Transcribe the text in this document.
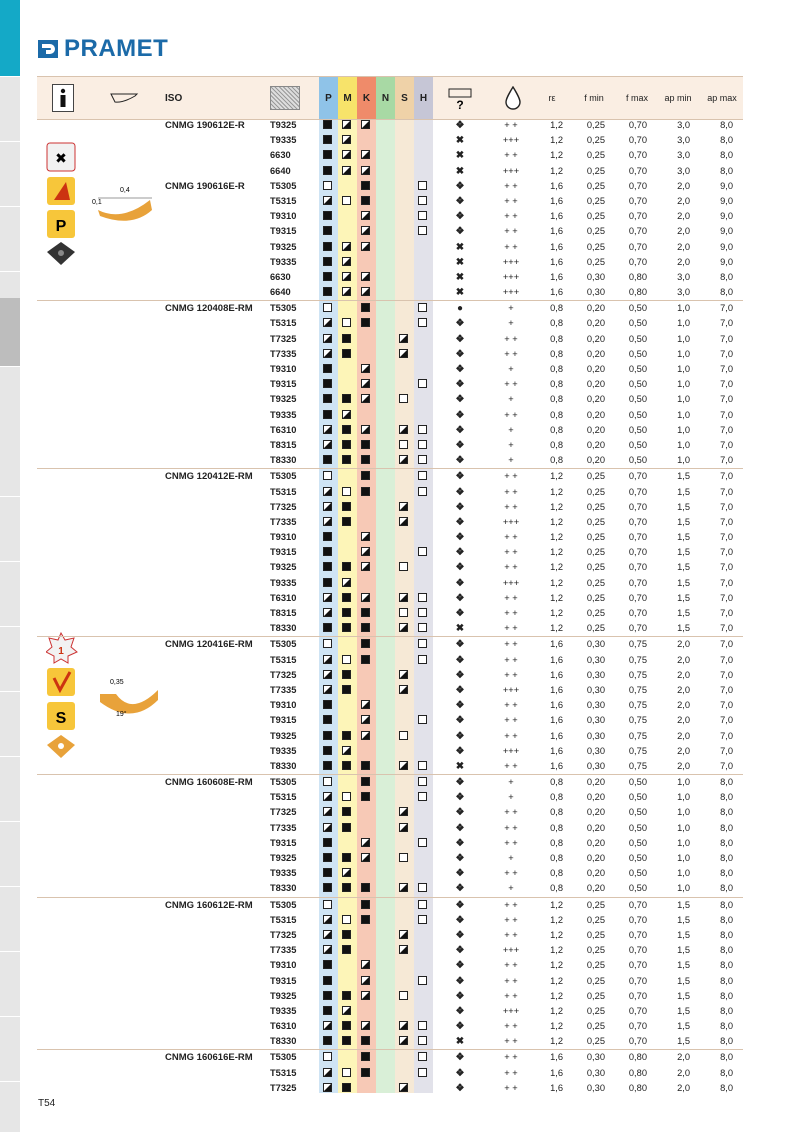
PRAMET
ISO	P	M	K	N	S	H	?	rε	f min	f max	ap min	ap max
✖
P
0,1
0,4
1
S
0,35
19°
CNMG 190612E-R	T9325	❖	+ +	1,2	0,25	0,70	3,0	8,0
T9335	✖	+++	1,2	0,25	0,70	3,0	8,0
6630	✖	+ +	1,2	0,25	0,70	3,0	8,0
6640	✖	+++	1,2	0,25	0,70	3,0	8,0
CNMG 190616E-R	T5305	❖	+ +	1,6	0,25	0,70	2,0	9,0
T5315	❖	+ +	1,6	0,25	0,70	2,0	9,0
T9310	❖	+ +	1,6	0,25	0,70	2,0	9,0
T9315	❖	+ +	1,6	0,25	0,70	2,0	9,0
T9325	✖	+ +	1,6	0,25	0,70	2,0	9,0
T9335	✖	+++	1,6	0,25	0,70	2,0	9,0
6630	✖	+++	1,6	0,30	0,80	3,0	8,0
6640	✖	+++	1,6	0,30	0,80	3,0	8,0
CNMG 120408E-RM T5305	●	+	0,8	0,20	0,50	1,0	7,0
T5315	❖	+	0,8	0,20	0,50	1,0	7,0
T7325	❖	+ +	0,8	0,20	0,50	1,0	7,0
T7335	❖	+ +	0,8	0,20	0,50	1,0	7,0
T9310	❖	+	0,8	0,20	0,50	1,0	7,0
T9315	❖	+ +	0,8	0,20	0,50	1,0	7,0
T9325	❖	+	0,8	0,20	0,50	1,0	7,0
T9335	❖	+ +	0,8	0,20	0,50	1,0	7,0
T6310	❖	+	0,8	0,20	0,50	1,0	7,0
T8315	❖	+	0,8	0,20	0,50	1,0	7,0
T8330	❖	+	0,8	0,20	0,50	1,0	7,0
CNMG 120412E-RM T5305	❖	+ +	1,2	0,25	0,70	1,5	7,0
T5315	❖	+ +	1,2	0,25	0,70	1,5	7,0
T7325	❖	+ +	1,2	0,25	0,70	1,5	7,0
T7335	❖	+++	1,2	0,25	0,70	1,5	7,0
T9310	❖	+ +	1,2	0,25	0,70	1,5	7,0
T9315	❖	+ +	1,2	0,25	0,70	1,5	7,0
T9325	❖	+ +	1,2	0,25	0,70	1,5	7,0
T9335	❖	+++	1,2	0,25	0,70	1,5	7,0
T6310	❖	+ +	1,2	0,25	0,70	1,5	7,0
T8315	❖	+ +	1,2	0,25	0,70	1,5	7,0
T8330	✖	+ +	1,2	0,25	0,70	1,5	7,0
CNMG 120416E-RM T5305	❖	+ +	1,6	0,30	0,75	2,0	7,0
T5315	❖	+ +	1,6	0,30	0,75	2,0	7,0
T7325	❖	+ +	1,6	0,30	0,75	2,0	7,0
T7335	❖	+++	1,6	0,30	0,75	2,0	7,0
T9310	❖	+ +	1,6	0,30	0,75	2,0	7,0
T9315	❖	+ +	1,6	0,30	0,75	2,0	7,0
T9325	❖	+ +	1,6	0,30	0,75	2,0	7,0
T9335	❖	+++	1,6	0,30	0,75	2,0	7,0
T8330	✖	+ +	1,6	0,30	0,75	2,0	7,0
CNMG 160608E-RM T5305	❖	+	0,8	0,20	0,50	1,0	8,0
T5315	❖	+	0,8	0,20	0,50	1,0	8,0
T7325	❖	+ +	0,8	0,20	0,50	1,0	8,0
T7335	❖	+ +	0,8	0,20	0,50	1,0	8,0
T9315	❖	+ +	0,8	0,20	0,50	1,0	8,0
T9325	❖	+	0,8	0,20	0,50	1,0	8,0
T9335	❖	+ +	0,8	0,20	0,50	1,0	8,0
T8330	❖	+	0,8	0,20	0,50	1,0	8,0
CNMG 160612E-RM T5305	❖	+ +	1,2	0,25	0,70	1,5	8,0
T5315	❖	+ +	1,2	0,25	0,70	1,5	8,0
T7325	❖	+ +	1,2	0,25	0,70	1,5	8,0
T7335	❖	+++	1,2	0,25	0,70	1,5	8,0
T9310	❖	+ +	1,2	0,25	0,70	1,5	8,0
T9315	❖	+ +	1,2	0,25	0,70	1,5	8,0
T9325	❖	+ +	1,2	0,25	0,70	1,5	8,0
T9335	❖	+++	1,2	0,25	0,70	1,5	8,0
T6310	❖	+ +	1,2	0,25	0,70	1,5	8,0
T8330	✖	+ +	1,2	0,25	0,70	1,5	8,0
CNMG 160616E-RM T5305	❖	+ +	1,6	0,30	0,80	2,0	8,0
T5315	❖	+ +	1,6	0,30	0,80	2,0	8,0
T7325	❖	+ +	1,6	0,30	0,80	2,0	8,0
T54
